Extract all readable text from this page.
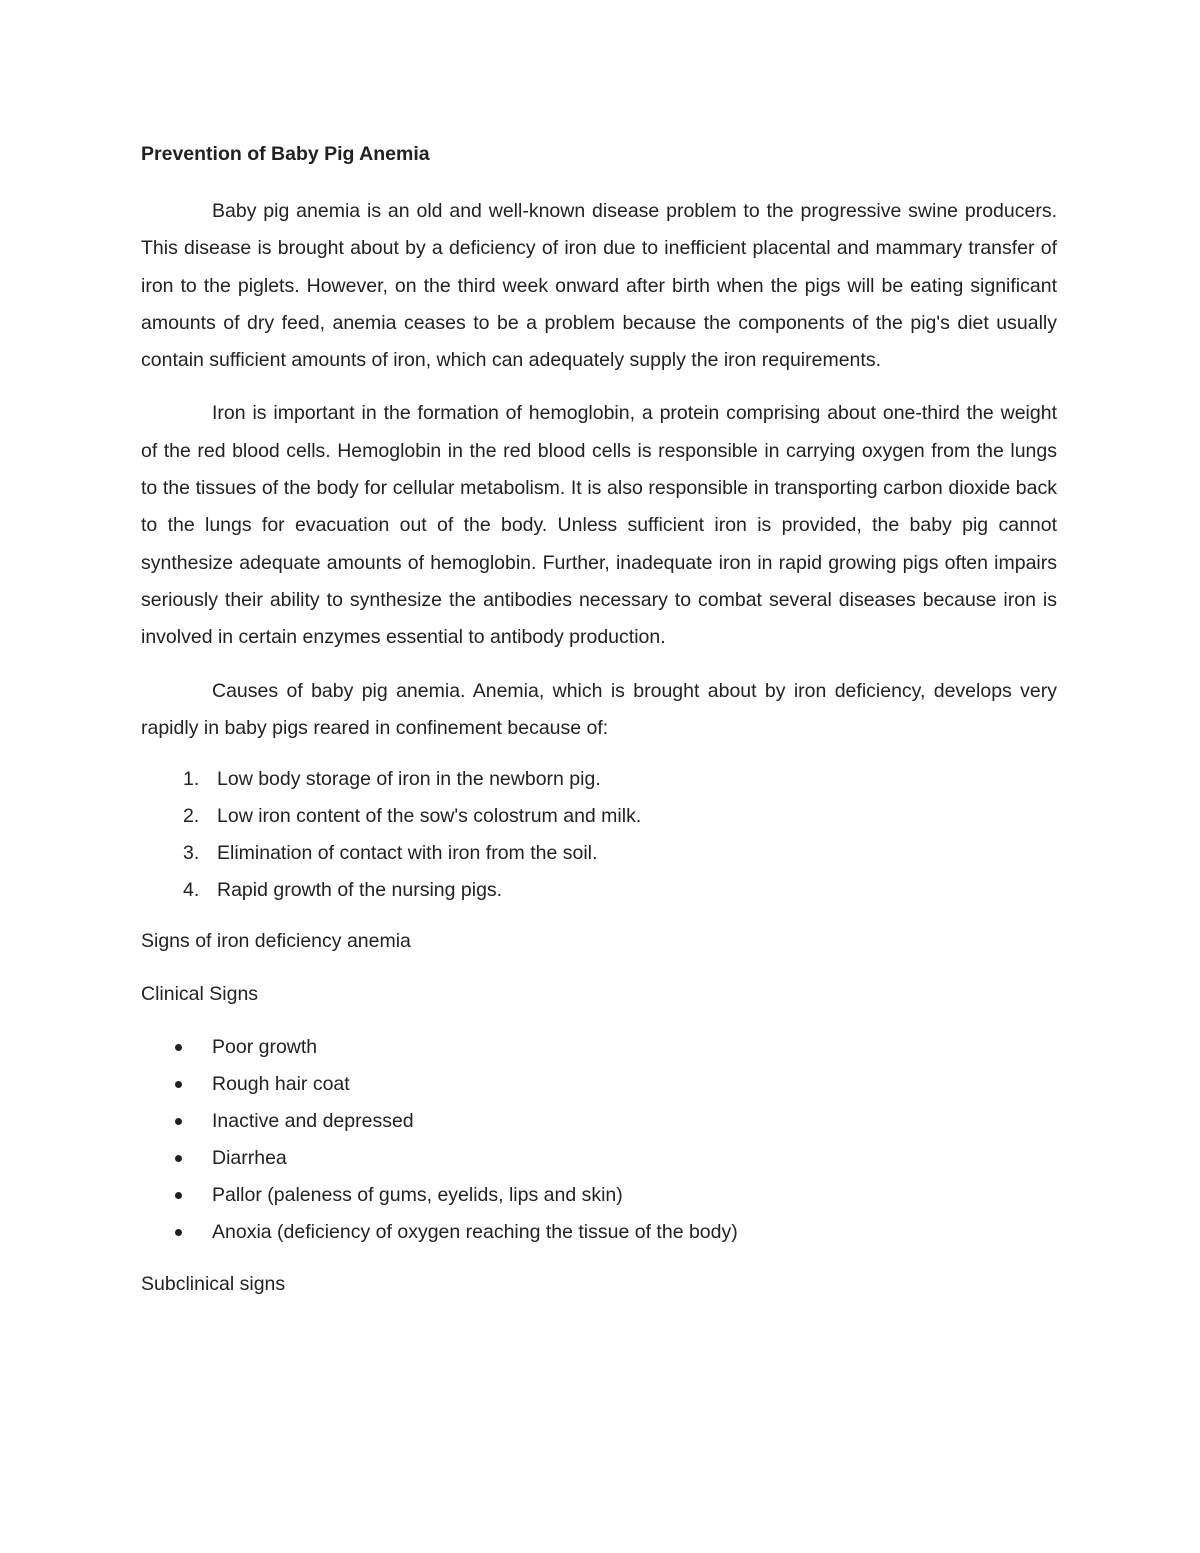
Prevention of Baby Pig Anemia

Baby pig anemia is an old and well-known disease problem to the progressive swine producers. This disease is brought about by a deficiency of iron due to inefficient placental and mammary transfer of iron to the piglets. However, on the third week onward after birth when the pigs will be eating significant amounts of dry feed, anemia ceases to be a problem because the components of the pig's diet usually contain sufficient amounts of iron, which can adequately supply the iron requirements.

Iron is important in the formation of hemoglobin, a protein comprising about one-third the weight of the red blood cells. Hemoglobin in the red blood cells is responsible in carrying oxygen from the lungs to the tissues of the body for cellular metabolism. It is also responsible in transporting carbon dioxide back to the lungs for evacuation out of the body. Unless sufficient iron is provided, the baby pig cannot synthesize adequate amounts of hemoglobin. Further, inadequate iron in rapid growing pigs often impairs seriously their ability to synthesize the antibodies necessary to combat several diseases because iron is involved in certain enzymes essential to antibody production.

Causes of baby pig anemia. Anemia, which is brought about by iron deficiency, develops very rapidly in baby pigs reared in confinement because of:

1. Low body storage of iron in the newborn pig.
2. Low iron content of the sow's colostrum and milk.
3. Elimination of contact with iron from the soil.
4. Rapid growth of the nursing pigs.
Signs of iron deficiency anemia
Clinical Signs
Poor growth
Rough hair coat
Inactive and depressed
Diarrhea
Pallor (paleness of gums, eyelids, lips and skin)
Anoxia (deficiency of oxygen reaching the tissue of the body)
Subclinical signs
